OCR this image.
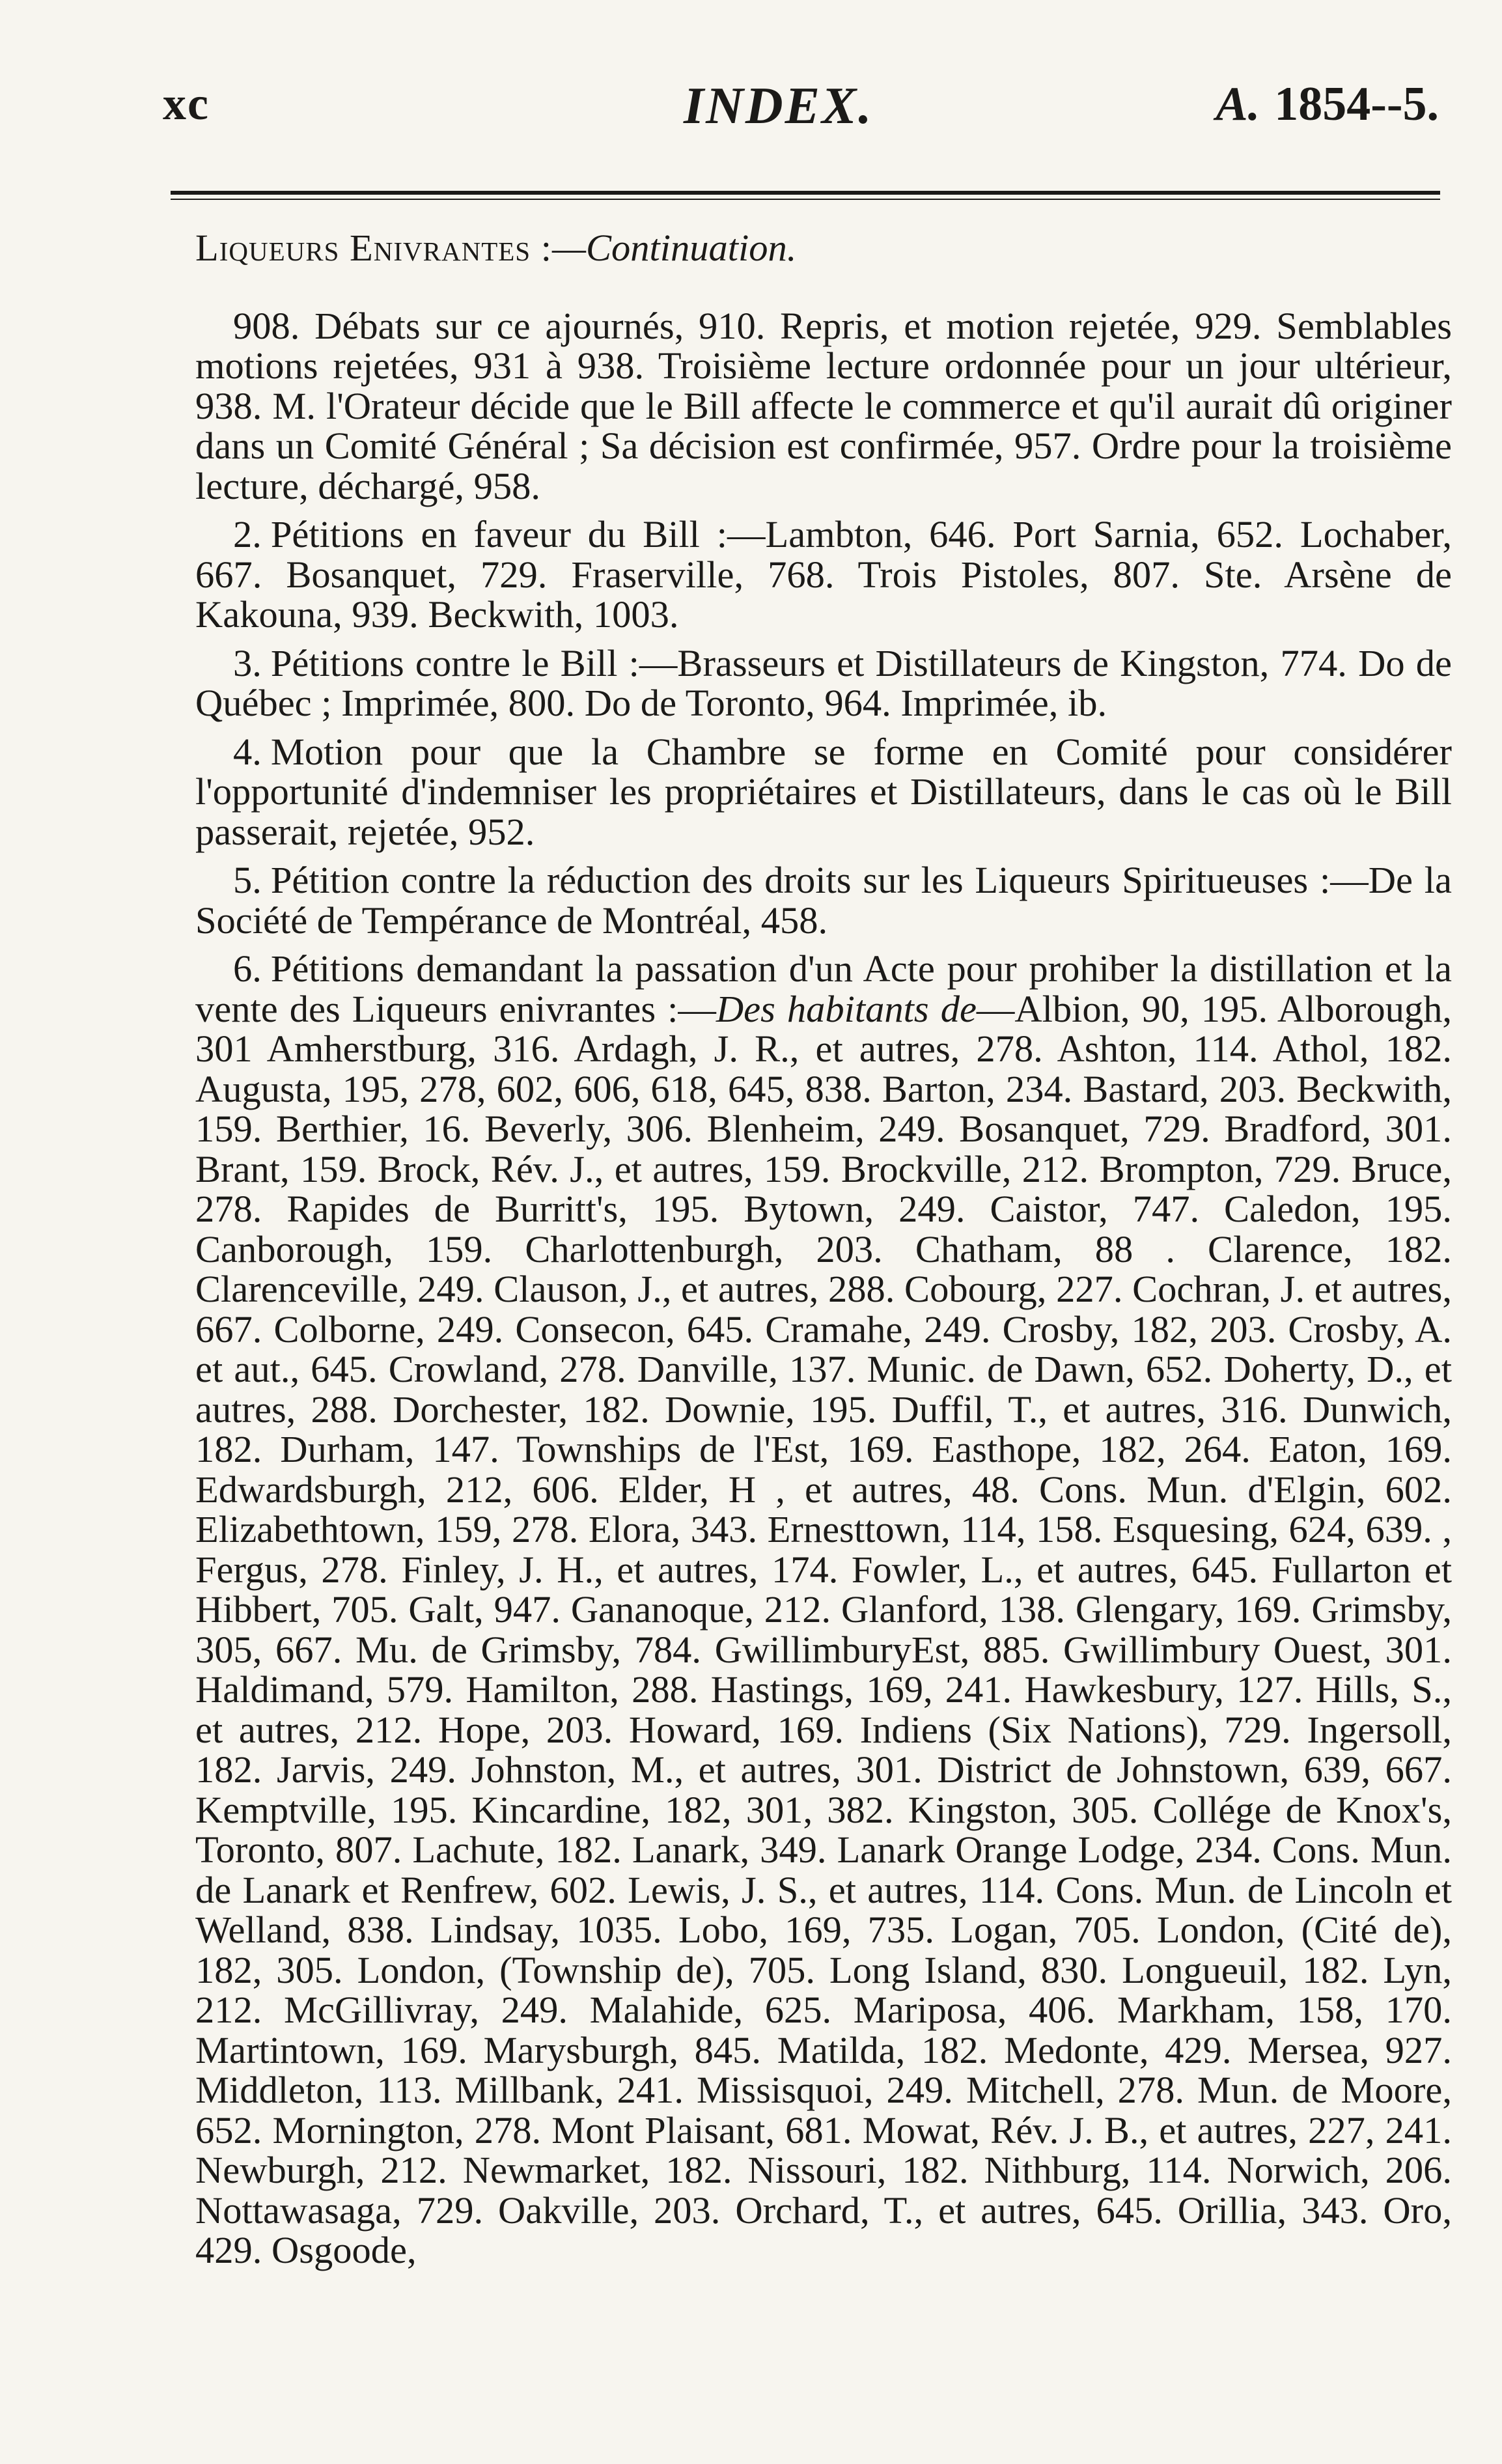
xc	INDEX.	A. 1854--5.
Liqueurs Enivrantes :—Continuation.

908. Débats sur ce ajournés, 910. Repris, et motion rejetée, 929. Semblables motions rejetées, 931 à 938. Troisième lecture ordonnée pour un jour ultérieur, 938. M. l'Orateur décide que le Bill affecte le commerce et qu'il aurait dû originer dans un Comité Général ; Sa décision est confirmée, 957. Ordre pour la troisième lecture, déchargé, 958.

2. Pétitions en faveur du Bill :—Lambton, 646. Port Sarnia, 652. Lochaber, 667. Bosanquet, 729. Fraserville, 768. Trois Pistoles, 807. Ste. Arsène de Kakouna, 939. Beckwith, 1003.

3. Pétitions contre le Bill :—Brasseurs et Distillateurs de Kingston, 774. Do de Québec ; Imprimée, 800. Do de Toronto, 964. Imprimée, ib.

4. Motion pour que la Chambre se forme en Comité pour considérer l'opportunité d'indemniser les propriétaires et Distillateurs, dans le cas où le Bill passerait, rejetée, 952.

5. Pétition contre la réduction des droits sur les Liqueurs Spiritueuses :—De la Société de Tempérance de Montréal, 458.

6. Pétitions demandant la passation d'un Acte pour prohiber la distillation et la vente des Liqueurs enivrantes :—Des habitants de—Albion, 90, 195. Alborough, 301 Amherstburg, 316. Ardagh, J. R., et autres, 278. Ashton, 114. Athol, 182. Augusta, 195, 278, 602, 606, 618, 645, 838. Barton, 234. Bastard, 203. Beckwith, 159. Berthier, 16. Beverly, 306. Blenheim, 249. Bosanquet, 729. Bradford, 301. Brant, 159. Brock, Rév. J., et autres, 159. Brockville, 212. Brompton, 729. Bruce, 278. Rapides de Burritt's, 195. Bytown, 249. Caistor, 747. Caledon, 195. Canborough, 159. Charlottenburgh, 203. Chatham, 88 . Clarence, 182. Clarenceville, 249. Clauson, J., et autres, 288. Cobourg, 227. Cochran, J. et autres, 667. Colborne, 249. Consecon, 645. Cramahe, 249. Crosby, 182, 203. Crosby, A. et aut., 645. Crowland, 278. Danville, 137. Munic. de Dawn, 652. Doherty, D., et autres, 288. Dorchester, 182. Downie, 195. Duffil, T., et autres, 316. Dunwich, 182. Durham, 147. Townships de l'Est, 169. Easthope, 182, 264. Eaton, 169. Edwardsburgh, 212, 606. Elder, H , et autres, 48. Cons. Mun. d'Elgin, 602. Elizabethtown, 159, 278. Elora, 343. Ernesttown, 114, 158. Esquesing, 624, 639. , Fergus, 278. Finley, J. H., et autres, 174. Fowler, L., et autres, 645. Fullarton et Hibbert, 705. Galt, 947. Gananoque, 212. Glanford, 138. Glengary, 169. Grimsby, 305, 667. Mu. de Grimsby, 784. GwillimburyEst, 885. Gwillimbury Ouest, 301. Haldimand, 579. Hamilton, 288. Hastings, 169, 241. Hawkesbury, 127. Hills, S., et autres, 212. Hope, 203. Howard, 169. Indiens (Six Nations), 729. Ingersoll, 182. Jarvis, 249. Johnston, M., et autres, 301. District de Johnstown, 639, 667. Kemptville, 195. Kincardine, 182, 301, 382. Kingston, 305. Collége de Knox's, Toronto, 807. Lachute, 182. Lanark, 349. Lanark Orange Lodge, 234. Cons. Mun. de Lanark et Renfrew, 602. Lewis, J. S., et autres, 114. Cons. Mun. de Lincoln et Welland, 838. Lindsay, 1035. Lobo, 169, 735. Logan, 705. London, (Cité de), 182, 305. London, (Township de), 705. Long Island, 830. Longueuil, 182. Lyn, 212. McGillivray, 249. Malahide, 625. Mariposa, 406. Markham, 158, 170. Martintown, 169. Marysburgh, 845. Matilda, 182. Medonte, 429. Mersea, 927. Middleton, 113. Millbank, 241. Missisquoi, 249. Mitchell, 278. Mun. de Moore, 652. Mornington, 278. Mont Plaisant, 681. Mowat, Rév. J. B., et autres, 227, 241. Newburgh, 212. Newmarket, 182. Nissouri, 182. Nithburg, 114. Norwich, 206. Nottawasaga, 729. Oakville, 203. Orchard, T., et autres, 645. Orillia, 343. Oro, 429. Osgoode,
